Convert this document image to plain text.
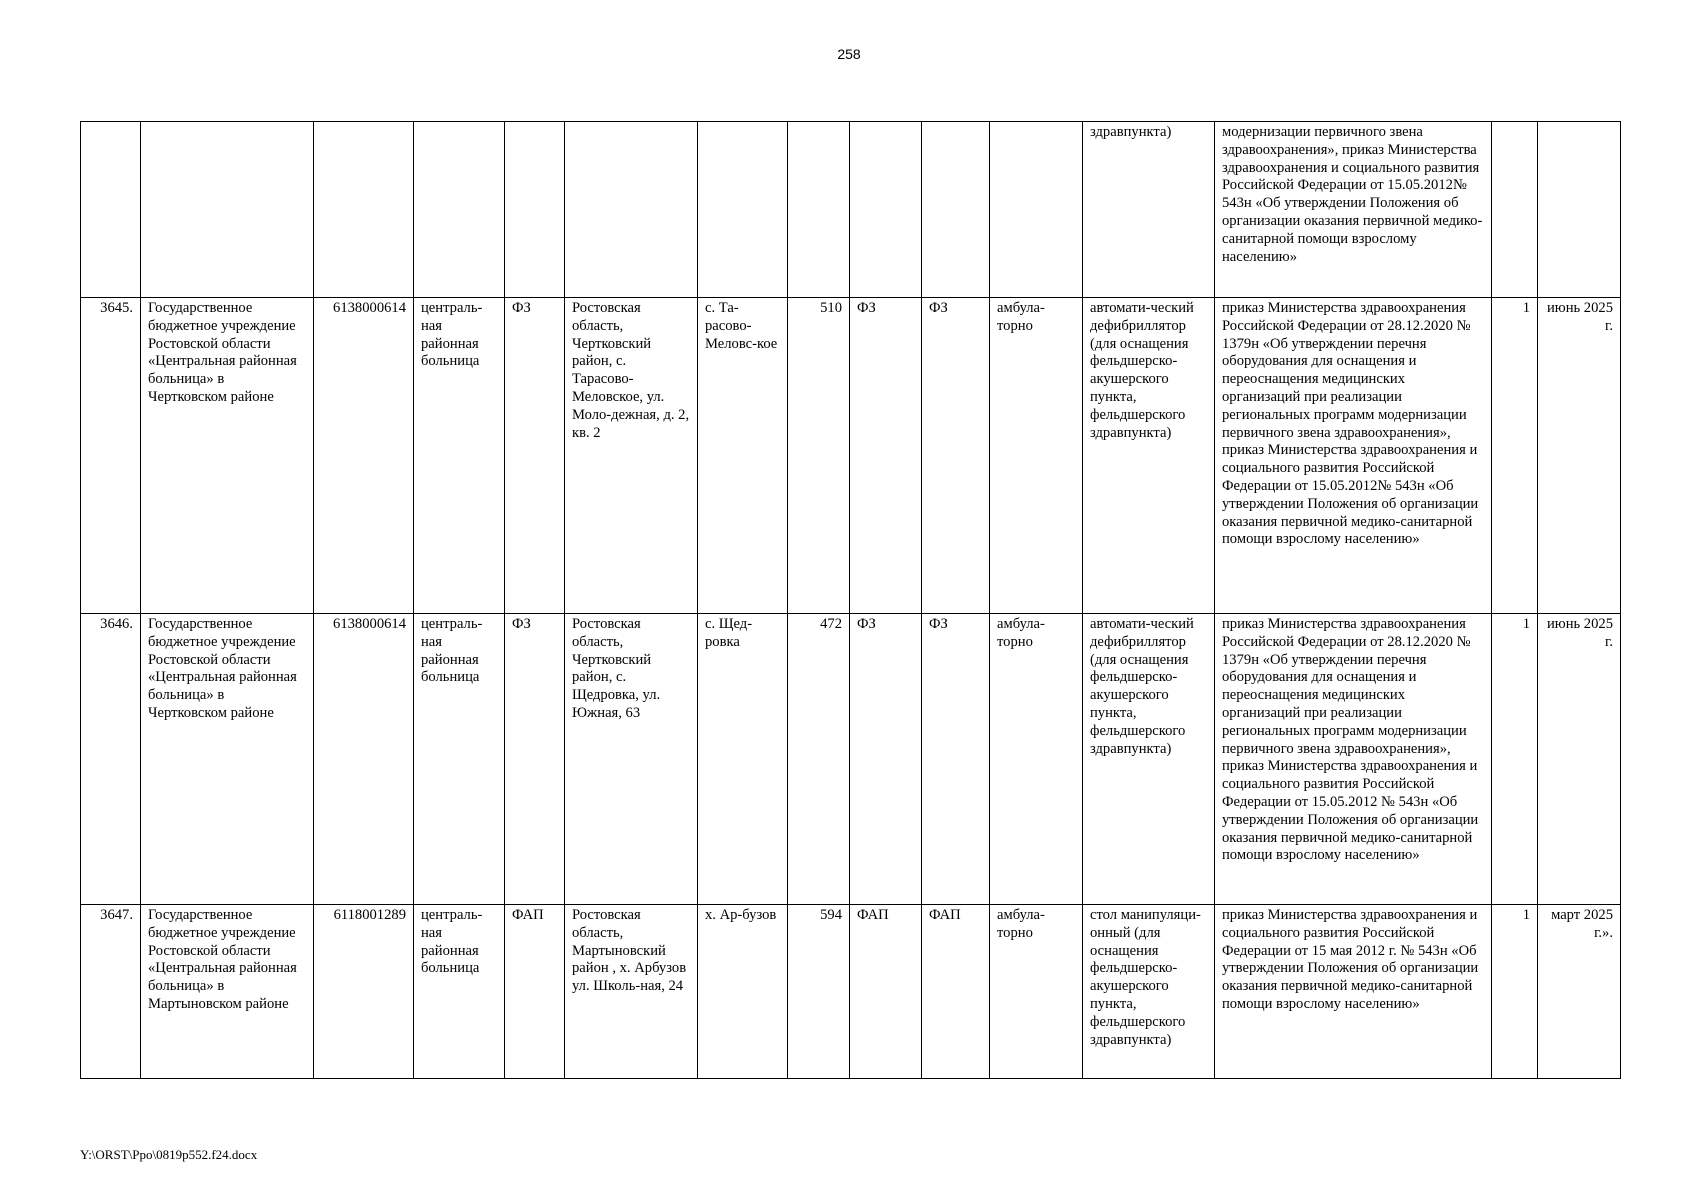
258
											здравпункта)	модернизации первичного звена здравоохранения», приказ Министерства здравоохранения и социального развития Российской Федерации от 15.05.2012№ 543н «Об утверждении Положения об организации оказания первичной медико-санитарной помощи взрослому населению»		
3645.	Государственное бюджетное учреждение Ростовской области «Центральная районная больница» в Чертковском районе	6138000614	централь-ная районная больница	ФЗ	Ростовская область, Чертковский район, с. Тарасово-Меловское, ул. Моло-дежная, д. 2, кв. 2	с. Та-расово-Меловс-кое	510	ФЗ	ФЗ	амбула-торно	автомати-ческий дефибриллятор (для оснащения фельдшерско-акушерского пункта, фельдшерского здравпункта)	приказ Министерства здравоохранения Российской Федерации от 28.12.2020 № 1379н «Об утверждении перечня оборудования для оснащения и переоснащения медицинских организаций при реализации региональных программ модернизации первичного звена здравоохранения», приказ Министерства здравоохранения и социального развития Российской Федерации от 15.05.2012№ 543н «Об утверждении Положения об организации оказания первичной медико-санитарной помощи взрослому населению»	1	июнь 2025 г.
3646.	Государственное бюджетное учреждение Ростовской области «Центральная районная больница» в Чертковском районе	6138000614	централь-ная районная больница	ФЗ	Ростовская область, Чертковский район, с. Щедровка, ул. Южная, 63	с. Щед-ровка	472	ФЗ	ФЗ	амбула-торно	автомати-ческий дефибриллятор (для оснащения фельдшерско-акушерского пункта, фельдшерского здравпункта)	приказ Министерства здравоохранения Российской Федерации от 28.12.2020 № 1379н «Об утверждении перечня оборудования для оснащения и переоснащения медицинских организаций при реализации региональных программ модернизации первичного звена здравоохранения», приказ Министерства здравоохранения и социального развития Российской Федерации от 15.05.2012 № 543н «Об утверждении Положения об организации оказания первичной медико-санитарной помощи взрослому населению»	1	июнь 2025 г.
3647.	Государственное бюджетное учреждение Ростовской области «Центральная районная больница» в Мартыновском районе	6118001289	централь-ная районная больница	ФАП	Ростовская область, Мартыновский район , х. Арбузов ул. Школь-ная, 24	х. Ар-бузов	594	ФАП	ФАП	амбула-торно	стол манипуляци-онный (для оснащения фельдшерско-акушерского пункта, фельдшерского здравпункта)	приказ Министерства здравоохранения и социального развития Российской Федерации от 15 мая 2012 г. № 543н «Об утверждении Положения об организации оказания первичной медико-санитарной помощи взрослому населению»	1	март 2025 г.».
Y:\ORST\Ppo\0819p552.f24.docx
